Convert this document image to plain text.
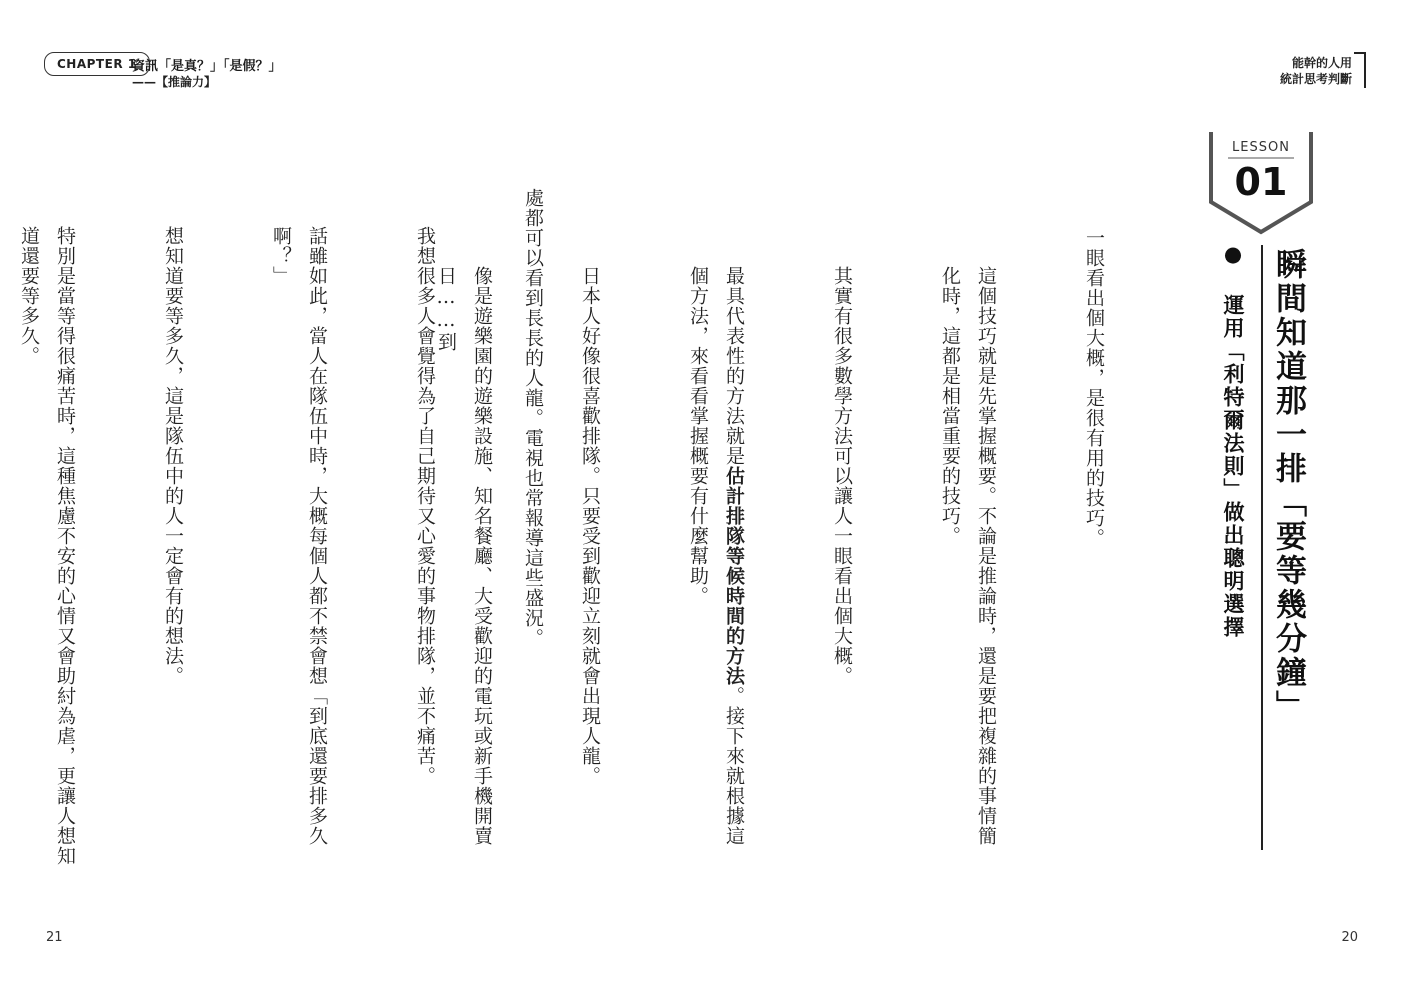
CHAPTER 1
資訊「是真？」「是假？」
——【推論力】

處都可以看到長長的人龍。電視也常報導這些盛況。

我想很多人會覺得為了自己期待又心愛的事物排隊，並不痛苦。

話雖如此，當人在隊伍中時，大概每個人都不禁會想「到底還要排多久啊？」

想知道要等多久，這是隊伍中的人一定會有的想法。

特別是當等得很痛苦時，這種焦慮不安的心情又會助紂為虐，更讓人想知道還要等多久。

21
能幹的人用
統計思考判斷
LESSON
01
瞬間知道那一排「要等幾分鐘」
● 運用「利特爾法則」做出聰明選擇

一眼看出個大概，是很有用的技巧。

這個技巧就是先掌握概要。不論是推論時，還是要把複雜的事情簡化時，這都是相當重要的技巧。

其實有很多數學方法可以讓人一眼看出個大概。

最具代表性的方法就是估計排隊等候時間的方法。接下來就根據這個方法，來看看掌握概要有什麼幫助。

日本人好像很喜歡排隊。只要受到歡迎立刻就會出現人龍。

像是遊樂園的遊樂設施、知名餐廳、大受歡迎的電玩或新手機開賣日……到

20
